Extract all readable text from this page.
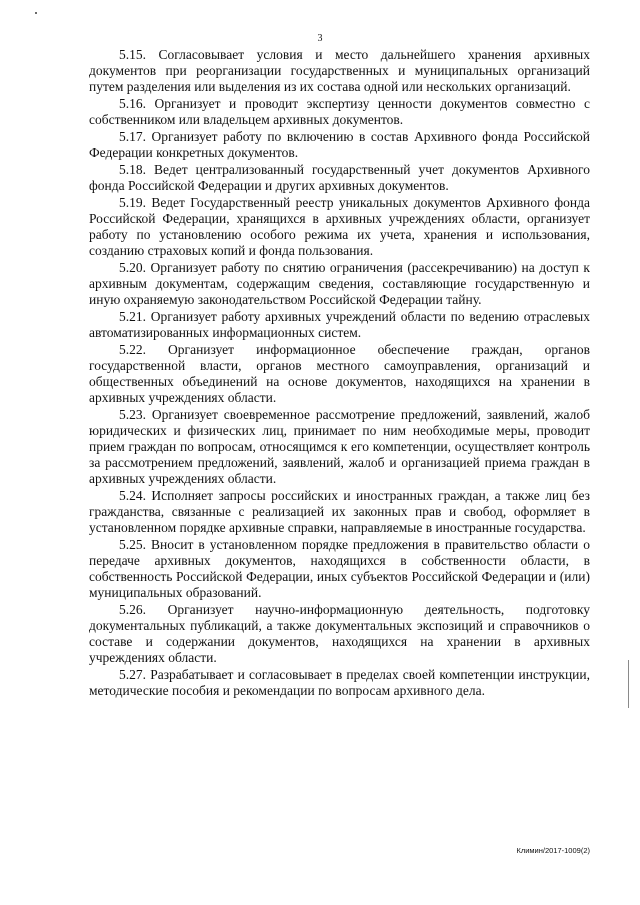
3

5.15. Согласовывает условия и место дальнейшего хранения архивных документов при реорганизации государственных и муниципальных организаций путем разделения или выделения из их состава одной или нескольких организаций.

5.16. Организует и проводит экспертизу ценности документов совместно с собственником или владельцем архивных документов.

5.17. Организует работу по включению в состав Архивного фонда Российской Федерации конкретных документов.

5.18. Ведет централизованный государственный учет документов Архивного фонда Российской Федерации и других архивных документов.

5.19. Ведет Государственный реестр уникальных документов Архивного фонда Российской Федерации, хранящихся в архивных учреждениях области, организует работу по установлению особого режима их учета, хранения и использования, созданию страховых копий и фонда пользования.

5.20. Организует работу по снятию ограничения (рассекречиванию) на доступ к архивным документам, содержащим сведения, составляющие государственную и иную охраняемую законодательством Российской Федерации тайну.

5.21. Организует работу архивных учреждений области по ведению отраслевых автоматизированных информационных систем.

5.22. Организует информационное обеспечение граждан, органов государственной власти, органов местного самоуправления, организаций и общественных объединений на основе документов, находящихся на хранении в архивных учреждениях области.

5.23. Организует своевременное рассмотрение предложений, заявлений, жалоб юридических и физических лиц, принимает по ним необходимые меры, проводит прием граждан по вопросам, относящимся к его компетенции, осуществляет контроль за рассмотрением предложений, заявлений, жалоб и организацией приема граждан в архивных учреждениях области.

5.24. Исполняет запросы российских и иностранных граждан, а также лиц без гражданства, связанные с реализацией их законных прав и свобод, оформляет в установленном порядке архивные справки, направляемые в иностранные государства.

5.25. Вносит в установленном порядке предложения в правительство области о передаче архивных документов, находящихся в собственности области, в собственность Российской Федерации, иных субъектов Российской Федерации и (или) муниципальных образований.

5.26. Организует научно-информационную деятельность, подготовку документальных публикаций, а также документальных экспозиций и справочников о составе и содержании документов, находящихся на хранении в архивных учреждениях области.

5.27. Разрабатывает и согласовывает в пределах своей компетенции инструкции, методические пособия и рекомендации по вопросам архивного дела.

Климин/2017-1009(2)
